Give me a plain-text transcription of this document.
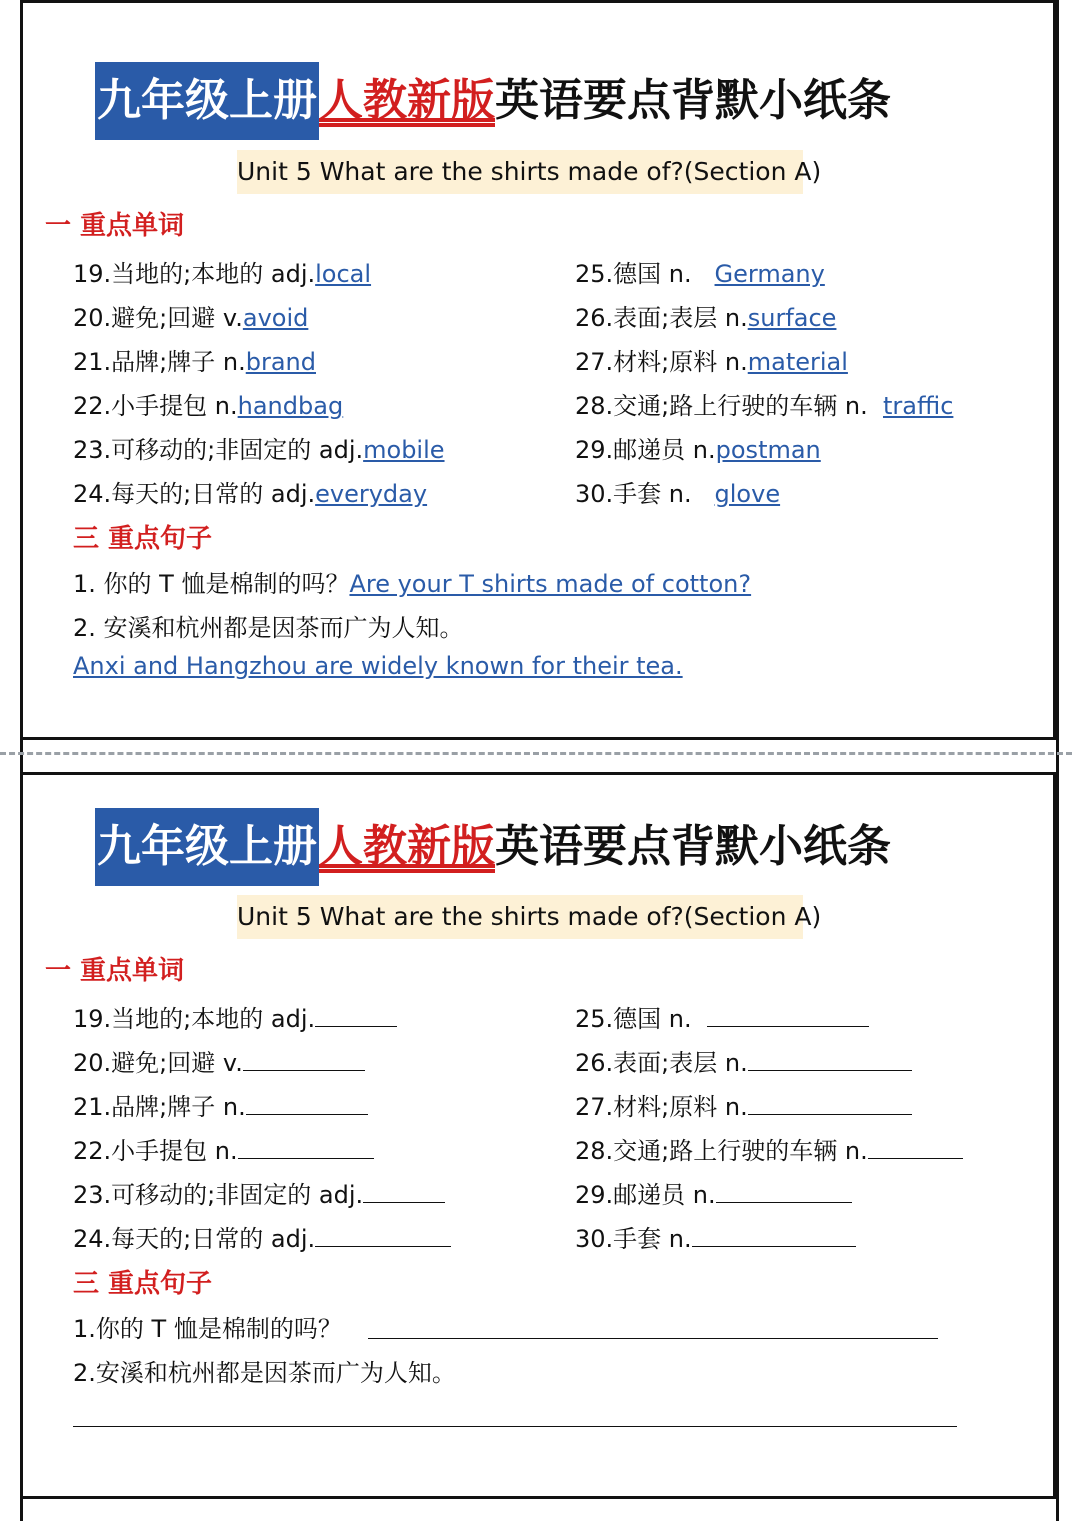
九年级上册人教新版英语要点背默小纸条
Unit 5 What are the shirts made of?(Section A)
一 重点单词
19.当地的;本地的 adj.local
20.避免;回避 v.avoid
21.品牌;牌子 n.brand
22.小手提包 n.handbag
23.可移动的;非固定的 adj.mobile
24.每天的;日常的 adj.everyday
25.德国 n. Germany
26.表面;表层 n.surface
27.材料;原料 n.material
28.交通;路上行驶的车辆 n. traffic
29.邮递员 n.postman
30.手套 n. glove
三 重点句子
1. 你的 T 恤是棉制的吗？Are your T shirts made of cotton?
2. 安溪和杭州都是因茶而广为人知。
Anxi and Hangzhou are widely known for their tea.
九年级上册人教新版英语要点背默小纸条
Unit 5 What are the shirts made of?(Section A)
一 重点单词
19.当地的;本地的 adj.
20.避免;回避 v.
21.品牌;牌子 n.
22.小手提包 n.
23.可移动的;非固定的 adj.
24.每天的;日常的 adj.
25.德国 n.
26.表面;表层 n.
27.材料;原料 n.
28.交通;路上行驶的车辆 n.
29.邮递员 n.
30.手套 n.
三 重点句子
1.你的 T 恤是棉制的吗？
2.安溪和杭州都是因茶而广为人知。
